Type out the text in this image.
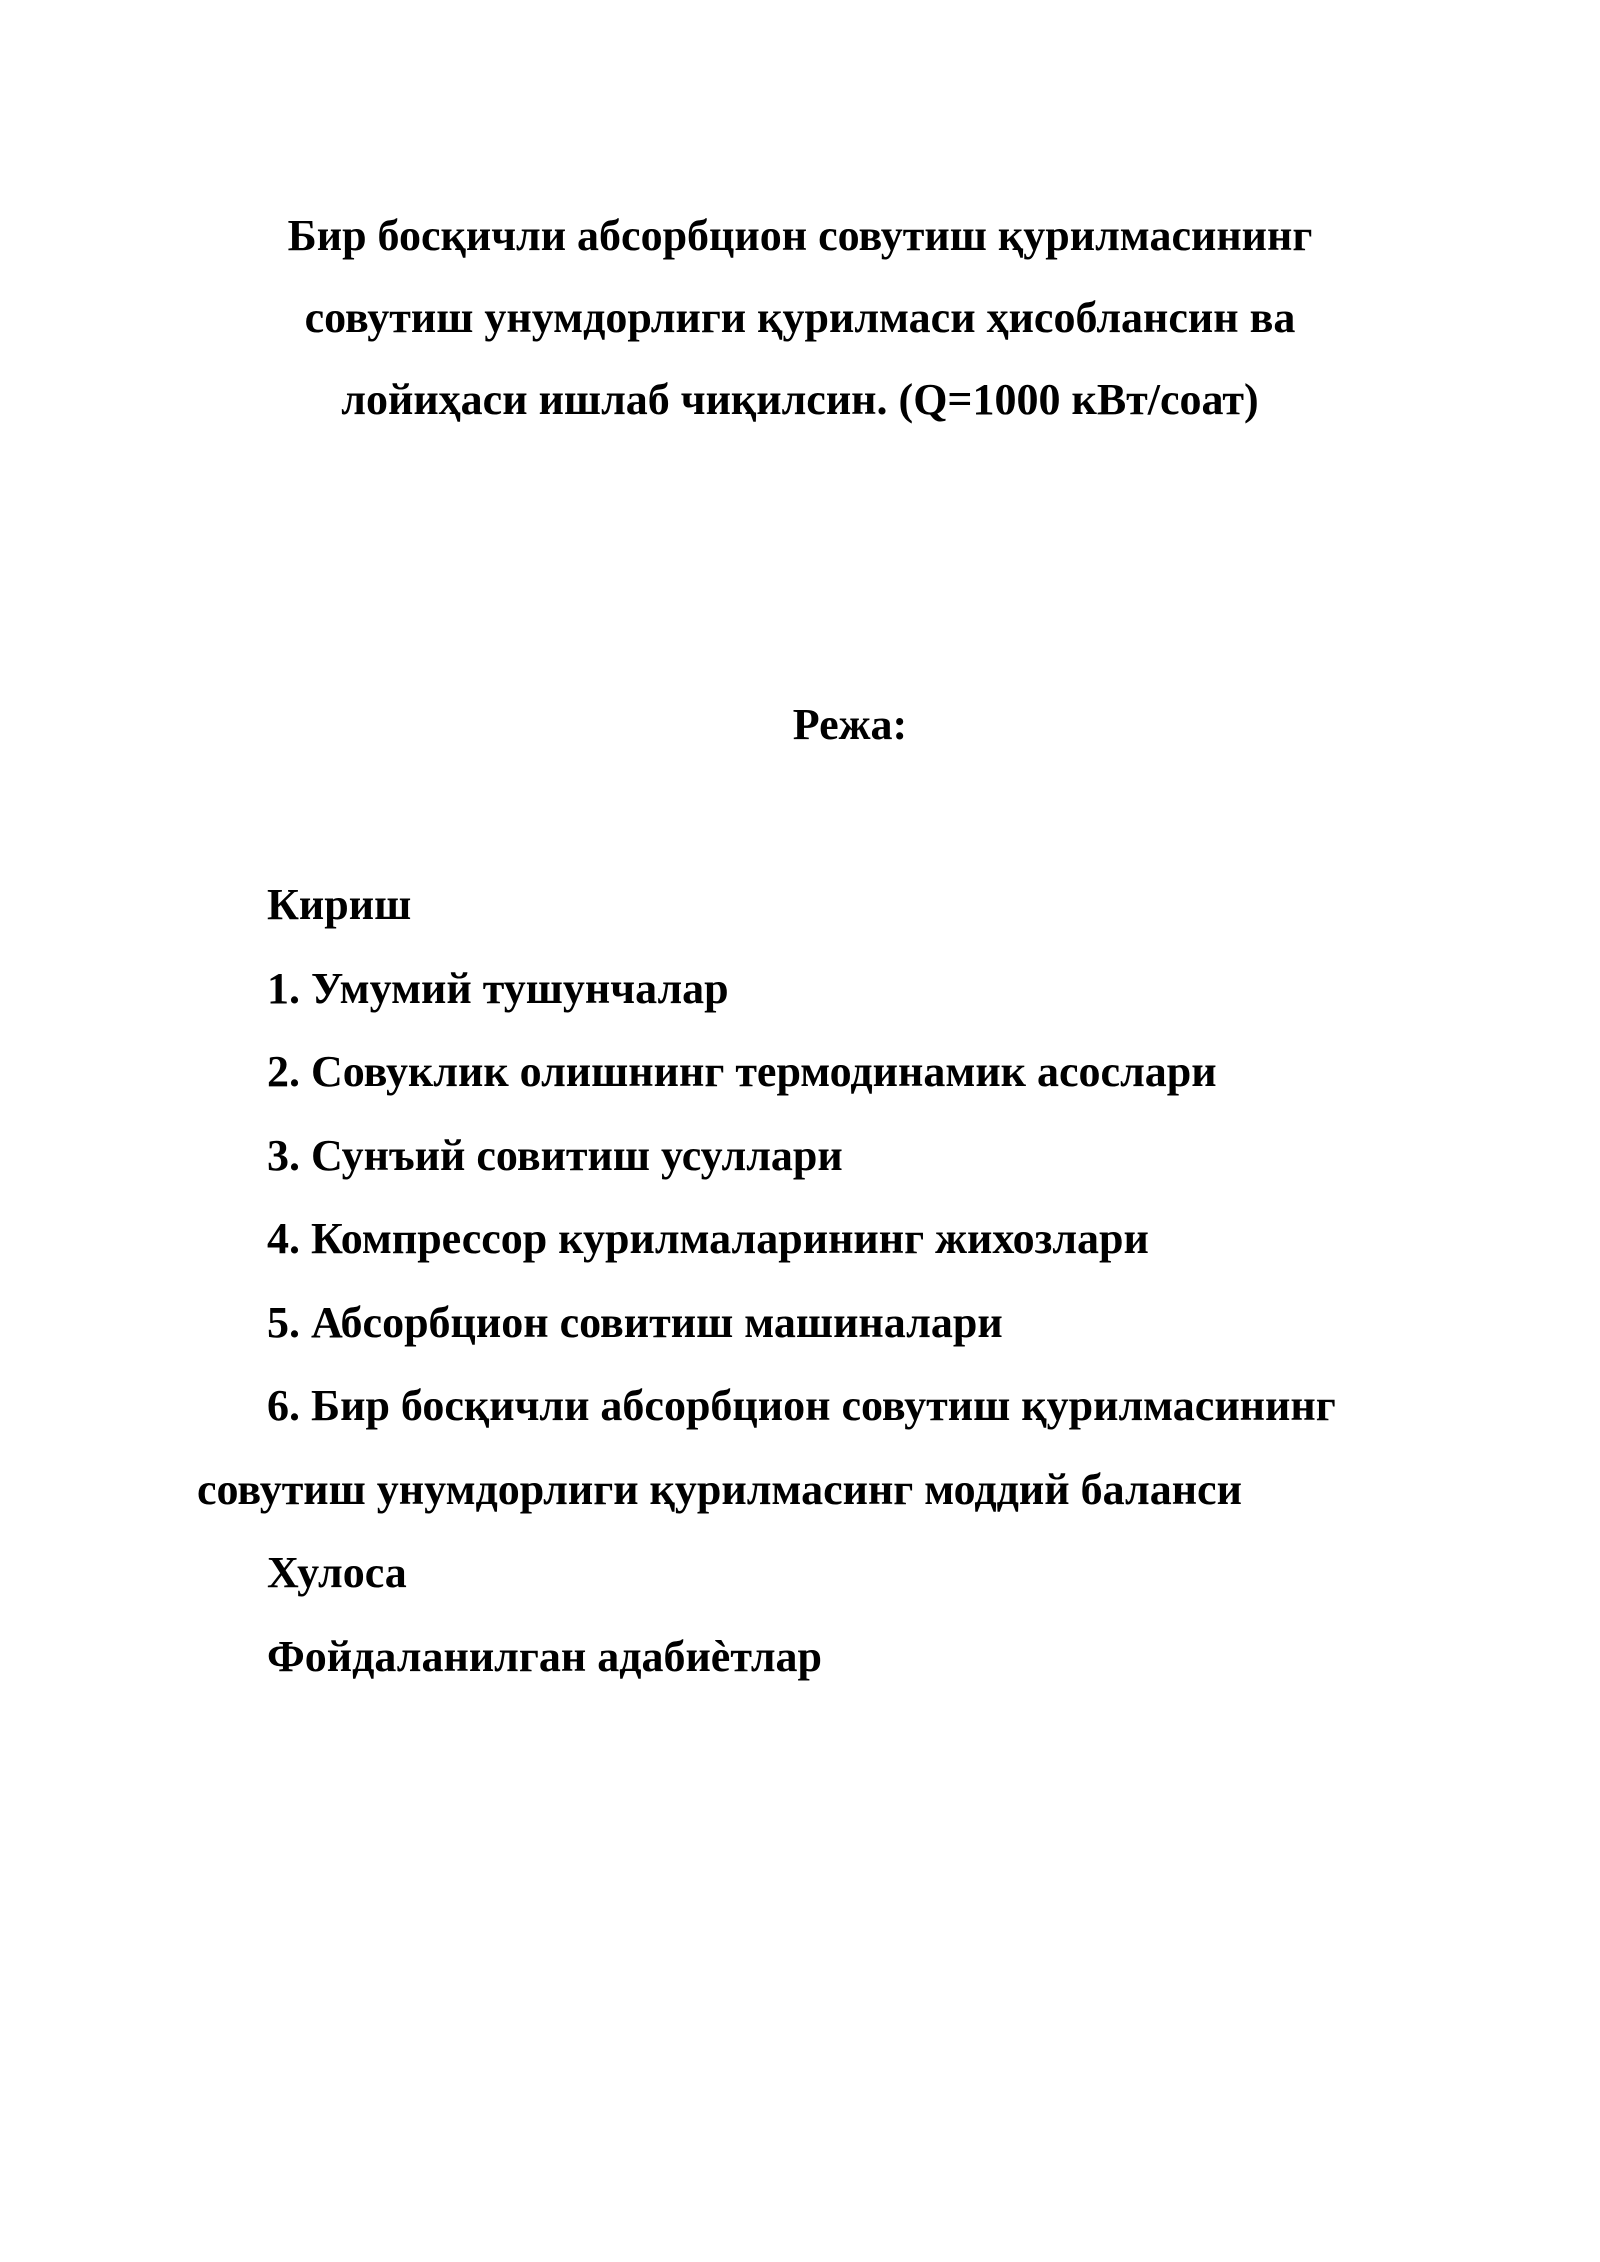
Бир босқичли абсорбцион совутиш қурилмасининг
совутиш унумдорлиги қурилмаси ҳисоблансин ва
лойиҳаси ишлаб чиқилсин. (Q=1000 кВт/соат)
Режа:
Кириш
1. Умумий тушунчалар
2. Совуклик олишнинг термодинамик асослари
3. Сунъий совитиш усуллари
4. Компрессор курилмаларининг жихозлари
5. Абсорбцион совитиш машиналари
6. Бир босқичли абсорбцион совутиш қурилмасининг
совутиш унумдорлиги қурилмасинг моддий баланси
Хулоса
Фойдаланилган адабиѐтлар
